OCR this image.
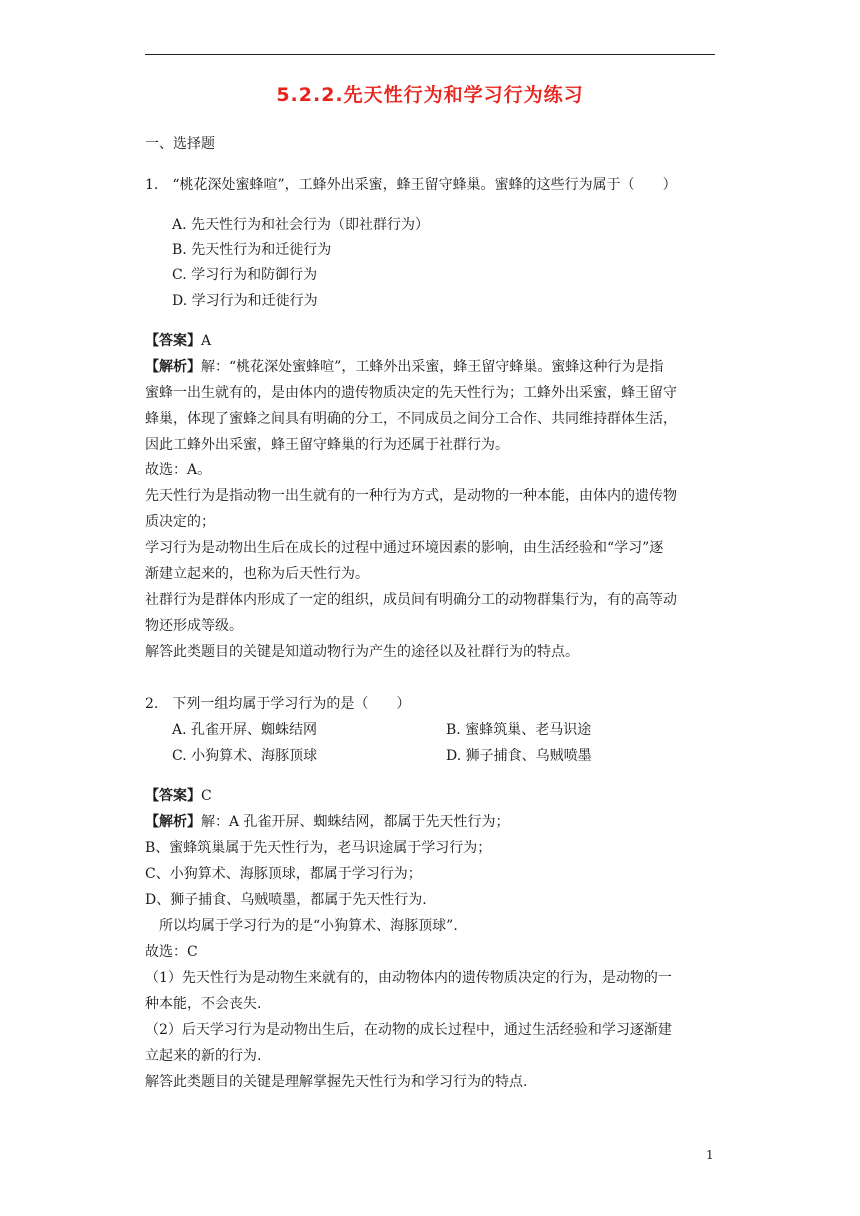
5.2.2.先天性行为和学习行为练习
一、选择题
1.　“桃花深处蜜蜂喧”，工蜂外出采蜜，蜂王留守蜂巢。蜜蜂的这些行为属于（　　）
A. 先天性行为和社会行为（即社群行为）
B. 先天性行为和迁徙行为
C. 学习行为和防御行为
D. 学习行为和迁徙行为
【答案】A
【解析】解：“桃花深处蜜蜂喧”，工蜂外出采蜜，蜂王留守蜂巢。蜜蜂这种行为是指
蜜蜂一出生就有的，是由体内的遗传物质决定的先天性行为；工蜂外出采蜜，蜂王留守
蜂巢，体现了蜜蜂之间具有明确的分工，不同成员之间分工合作、共同维持群体生活，
因此工蜂外出采蜜，蜂王留守蜂巢的行为还属于社群行为。
故选：A。
先天性行为是指动物一出生就有的一种行为方式，是动物的一种本能，由体内的遗传物
质决定的；
学习行为是动物出生后在成长的过程中通过环境因素的影响，由生活经验和“学习”逐
渐建立起来的，也称为后天性行为。
社群行为是群体内形成了一定的组织，成员间有明确分工的动物群集行为，有的高等动
物还形成等级。
解答此类题目的关键是知道动物行为产生的途径以及社群行为的特点。
2.　下列一组均属于学习行为的是（　　）
A. 孔雀开屏、蜘蛛结网	B. 蜜蜂筑巢、老马识途
C. 小狗算术、海豚顶球	D. 狮子捕食、乌贼喷墨
【答案】C
【解析】解：A 孔雀开屏、蜘蛛结网，都属于先天性行为；
B、蜜蜂筑巢属于先天性行为，老马识途属于学习行为；
C、小狗算术、海豚顶球，都属于学习行为；
D、狮子捕食、乌贼喷墨，都属于先天性行为.
　所以均属于学习行为的是“小狗算术、海豚顶球”.
故选：C
（1）先天性行为是动物生来就有的，由动物体内的遗传物质决定的行为，是动物的一
种本能，不会丧失.
（2）后天学习行为是动物出生后，在动物的成长过程中，通过生活经验和学习逐渐建
立起来的新的行为.
解答此类题目的关键是理解掌握先天性行为和学习行为的特点.
1
